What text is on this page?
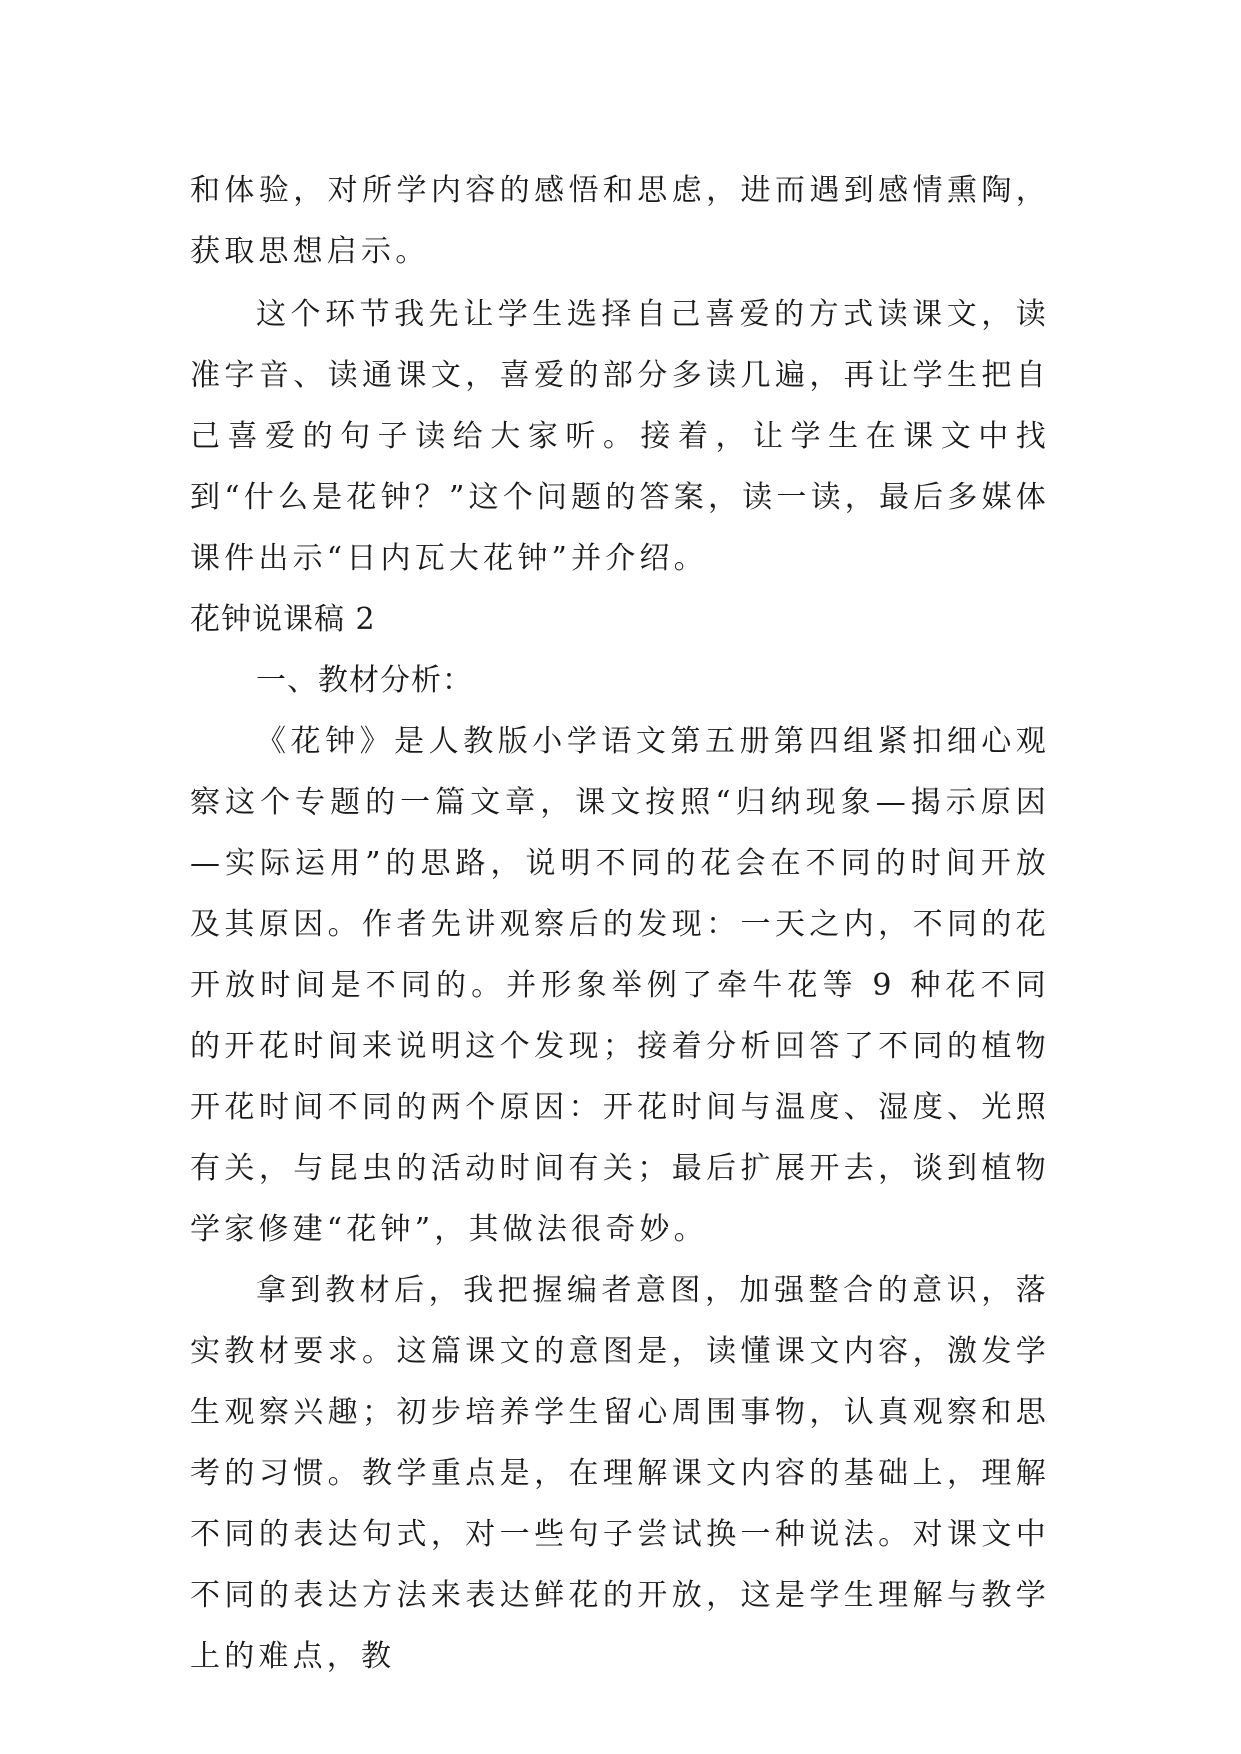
和体验，对所学内容的感悟和思虑，进而遇到感情熏陶，获取思想启示。

这个环节我先让学生选择自己喜爱的方式读课文，读准字音、读通课文，喜爱的部分多读几遍，再让学生把自己喜爱的句子读给大家听。接着，让学生在课文中找到“什么是花钟？”这个问题的答案，读一读，最后多媒体课件出示“日内瓦大花钟”并介绍。

花钟说课稿 2

一、教材分析：

《花钟》是人教版小学语文第五册第四组紧扣细心观察这个专题的一篇文章，课文按照“归纳现象—揭示原因—实际运用”的思路，说明不同的花会在不同的时间开放及其原因。作者先讲观察后的发现：一天之内，不同的花开放时间是不同的。并形象举例了牵牛花等 9 种花不同的开花时间来说明这个发现；接着分析回答了不同的植物开花时间不同的两个原因：开花时间与温度、湿度、光照有关，与昆虫的活动时间有关；最后扩展开去，谈到植物学家修建“花钟”，其做法很奇妙。

拿到教材后，我把握编者意图，加强整合的意识，落实教材要求。这篇课文的意图是，读懂课文内容，激发学生观察兴趣；初步培养学生留心周围事物，认真观察和思考的习惯。教学重点是，在理解课文内容的基础上，理解不同的表达句式，对一些句子尝试换一种说法。对课文中不同的表达方法来表达鲜花的开放，这是学生理解与教学上的难点，教
